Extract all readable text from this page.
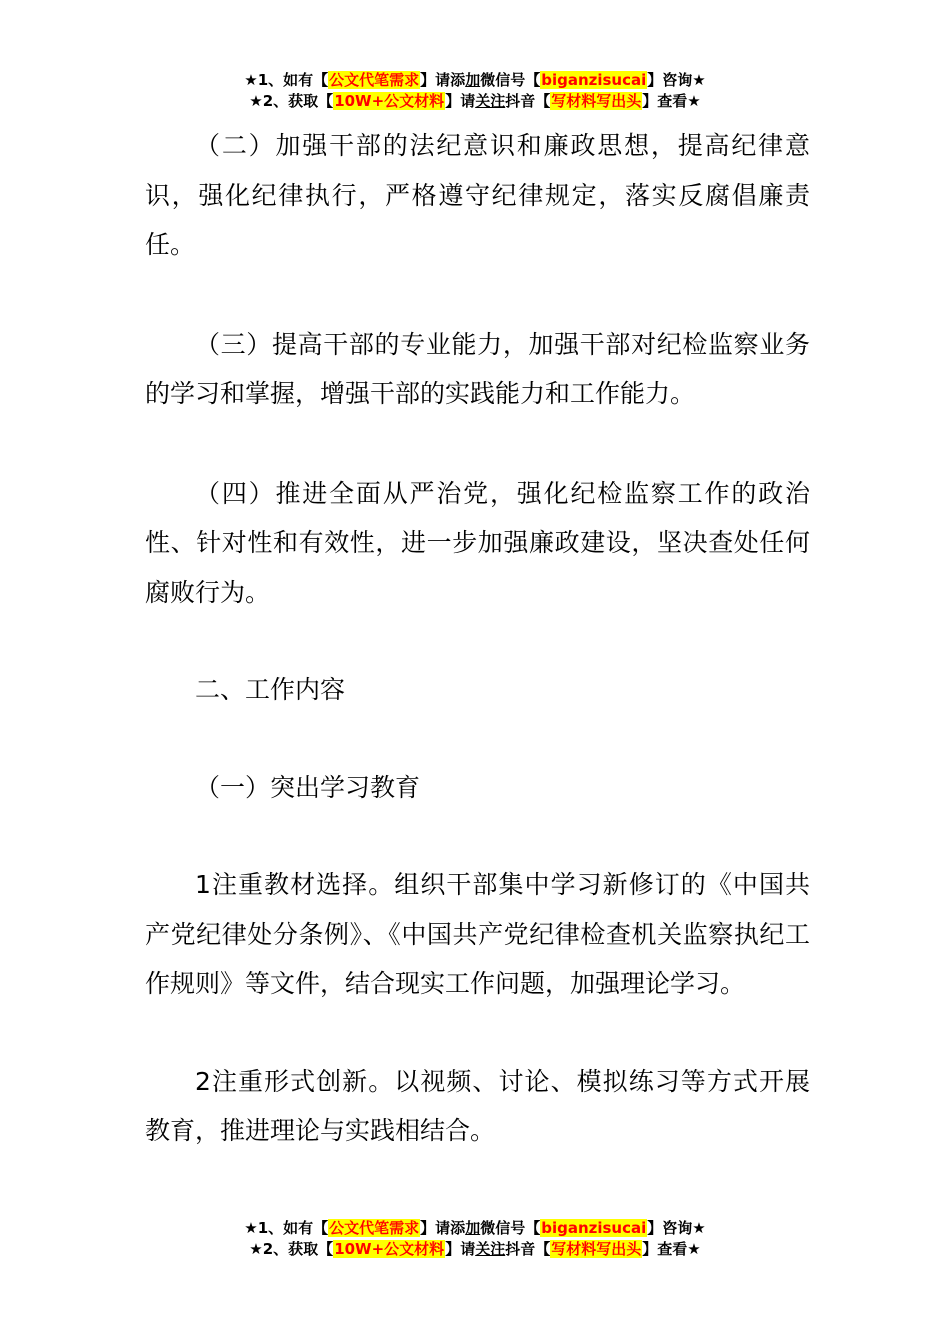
★1、如有【公文代笔需求】请添加微信号【biganzisucai】咨询★
★2、获取【10W+公文材料】请关注抖音【写材料写出头】查看★

（二）加强干部的法纪意识和廉政思想，提高纪律意识，强化纪律执行，严格遵守纪律规定，落实反腐倡廉责任。

（三）提高干部的专业能力，加强干部对纪检监察业务的学习和掌握，增强干部的实践能力和工作能力。

（四）推进全面从严治党，强化纪检监察工作的政治性、针对性和有效性，进一步加强廉政建设，坚决查处任何腐败行为。

二、工作内容

（一）突出学习教育

1注重教材选择。组织干部集中学习新修订的《中国共产党纪律处分条例》、《中国共产党纪律检查机关监察执纪工作规则》等文件，结合现实工作问题，加强理论学习。

2注重形式创新。以视频、讨论、模拟练习等方式开展教育，推进理论与实践相结合。

★1、如有【公文代笔需求】请添加微信号【biganzisucai】咨询★
★2、获取【10W+公文材料】请关注抖音【写材料写出头】查看★
